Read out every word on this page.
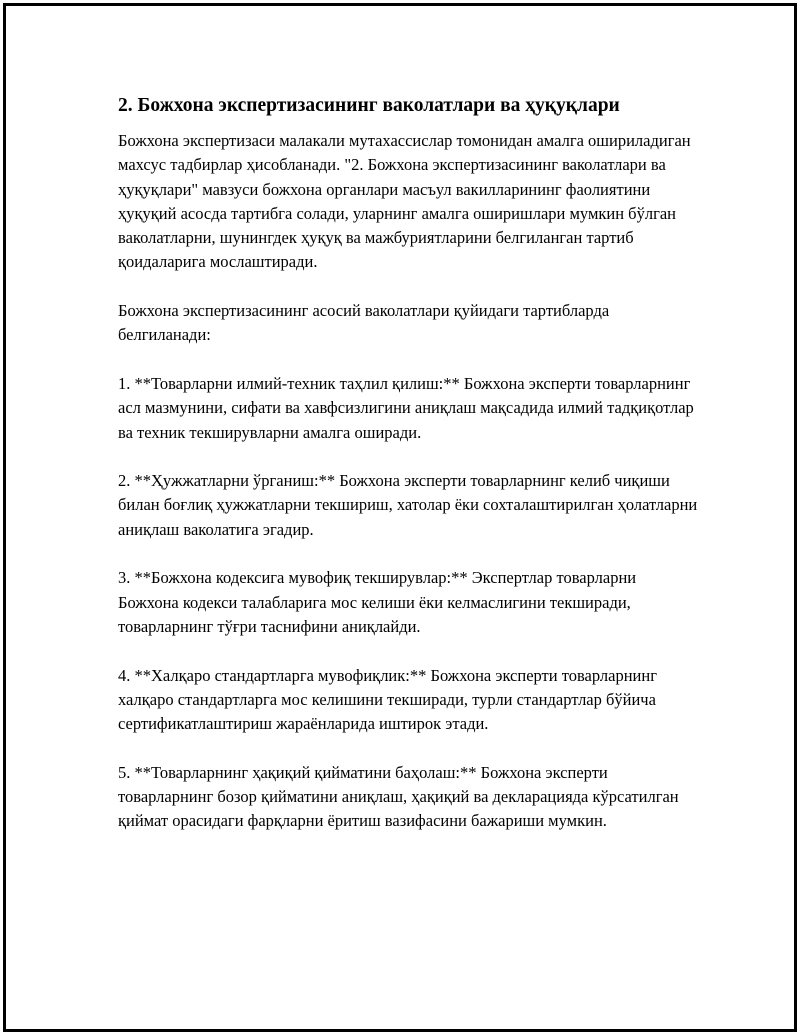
2. Божхона экспертизасининг ваколатлари ва ҳуқуқлари

Божхона экспертизаси малакали мутахассислар томонидан амалга ошириладиган махсус тадбирлар ҳисобланади. "2. Божхона экспертизасининг ваколатлари ва ҳуқуқлари" мавзуси божхона органлари масъул вакилларининг фаолиятини ҳуқуқий асосда тартибга солади, уларнинг амалга оширишлари мумкин бўлган ваколатларни, шунингдек ҳуқуқ ва мажбуриятларини белгиланган тартиб қоидаларига мослаштиради.

Божхона экспертизасининг асосий ваколатлари қуйидаги тартибларда белгиланади:

1. **Товарларни илмий-техник таҳлил қилиш:** Божхона эксперти товарларнинг асл мазмунини, сифати ва хавфсизлигини аниқлаш мақсадида илмий тадқиқотлар ва техник текширувларни амалга оширади.

2. **Ҳужжатларни ўрганиш:** Божхона эксперти товарларнинг келиб чиқиши билан боғлиқ ҳужжатларни текшириш, хатолар ёки сохталаштирилган ҳолатларни аниқлаш ваколатига эгадир.

3. **Божхона кодексига мувофиқ текширувлар:** Экспертлар товарларни Божхона кодекси талабларига мос келиши ёки келмаслигини текширади, товарларнинг тўғри таснифини аниқлайди.

4. **Халқаро стандартларга мувофиқлик:** Божхона эксперти товарларнинг халқаро стандартларга мос келишини текширади, турли стандартлар бўйича сертификатлаштириш жараёнларида иштирок этади.

5. **Товарларнинг ҳақиқий қийматини баҳолаш:** Божхона эксперти товарларнинг бозор қийматини аниқлаш, ҳақиқий ва декларацияда кўрсатилган қиймат орасидаги фарқларни ёритиш вазифасини бажариши мумкин.
